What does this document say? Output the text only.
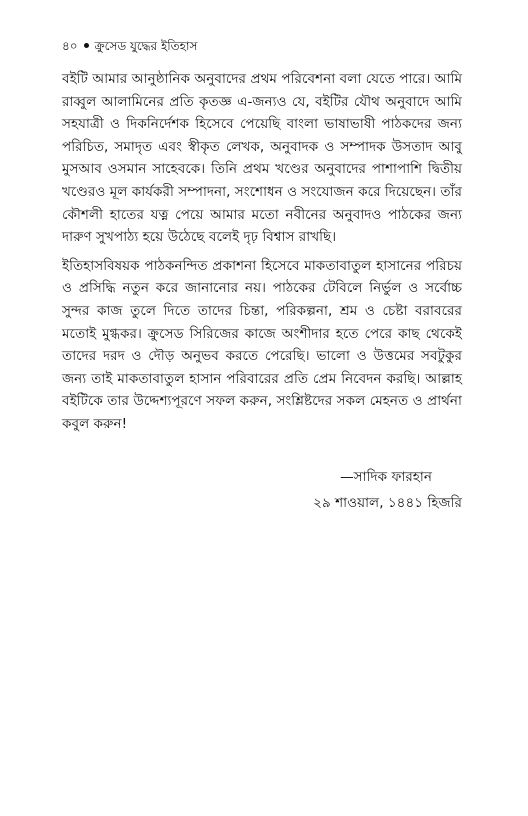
৪০ ক্রুসেড যুদ্ধের ইতিহাস

বইটি আমার আনুষ্ঠানিক অনুবাদের প্রথম পরিবেশনা বলা যেতে পারে। আমি রাব্বুল আলামিনের প্রতি কৃতজ্ঞ এ-জন্যও যে, বইটির যৌথ অনুবাদে আমি সহযাত্রী ও দিকনির্দেশক হিসেবে পেয়েছি বাংলা ভাষাভাষী পাঠকদের জন্য পরিচিত, সমাদৃত এবং স্বীকৃত লেখক, অনুবাদক ও সম্পাদক উসতাদ আবু মুসআব ওসমান সাহেবকে। তিনি প্রথম খণ্ডের অনুবাদের পাশাপাশি দ্বিতীয় খণ্ডেরও মূল কার্যকরী সম্পাদনা, সংশোধন ও সংযোজন করে দিয়েছেন। তাঁর কৌশলী হাতের যত্ন পেয়ে আমার মতো নবীনের অনুবাদও পাঠকের জন্য দারুণ সুখপাঠ্য হয়ে উঠেছে বলেই দৃঢ় বিশ্বাস রাখছি।

ইতিহাসবিষয়ক পাঠকনন্দিত প্রকাশনা হিসেবে মাকতাবাতুল হাসানের পরিচয় ও প্রসিদ্ধি নতুন করে জানানোর নয়। পাঠকের টেবিলে নির্ভুল ও সর্বোচ্চ সুন্দর কাজ তুলে দিতে তাদের চিন্তা, পরিকল্পনা, শ্রম ও চেষ্টা বরাবরের মতোই মুগ্ধকর। ক্রুসেড সিরিজের কাজে অংশীদার হতে পেরে কাছ থেকেই তাদের দরদ ও দৌড় অনুভব করতে পেরেছি। ভালো ও উত্তমের সবটুকুর জন্য তাই মাকতাবাতুল হাসান পরিবারের প্রতি প্রেম নিবেদন করছি। আল্লাহ বইটিকে তার উদ্দেশ্যপূরণে সফল করুন, সংশ্লিষ্টদের সকল মেহনত ও প্রার্থনা কবুল করুন!

—সাদিক ফারহান
২৯ শাওয়াল, ১৪৪১ হিজরি
